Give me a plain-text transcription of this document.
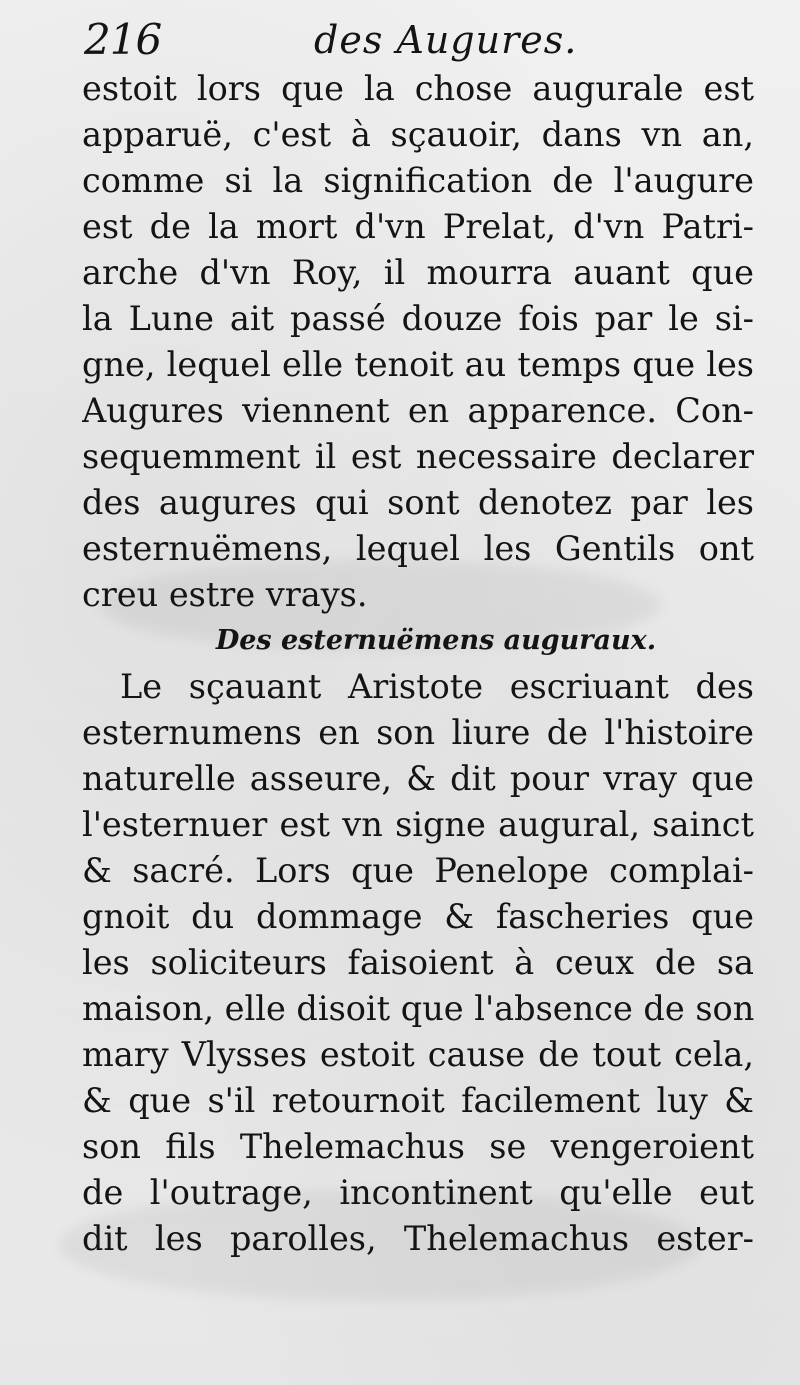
216	des Augures.
estoit lors que la chose augurale est
apparuë, c'est à sçauoir, dans vn an,
comme si la signification de l'augure
est de la mort d'vn Prelat, d'vn Patri-
arche d'vn Roy, il mourra auant que
la Lune ait passé douze fois par le si-
gne, lequel elle tenoit au temps que les
Augures viennent en apparence. Con-
sequemment il est necessaire declarer
des augures qui sont denotez par les
esternuëmens, lequel les Gentils ont
creu estre vrays.
Des esternuëmens auguraux.
Le sçauant Aristote escriuant des
esternumens en son liure de l'histoire
naturelle asseure, & dit pour vray que
l'esternuer est vn signe augural, sainct
& sacré. Lors que Penelope complai-
gnoit du dommage & fascheries que
les soliciteurs faisoient à ceux de sa
maison, elle disoit que l'absence de son
mary Vlysses estoit cause de tout cela,
& que s'il retournoit facilement luy &
son fils Thelemachus se vengeroient
de l'outrage, incontinent qu'elle eut
dit les parolles, Thelemachus ester-
